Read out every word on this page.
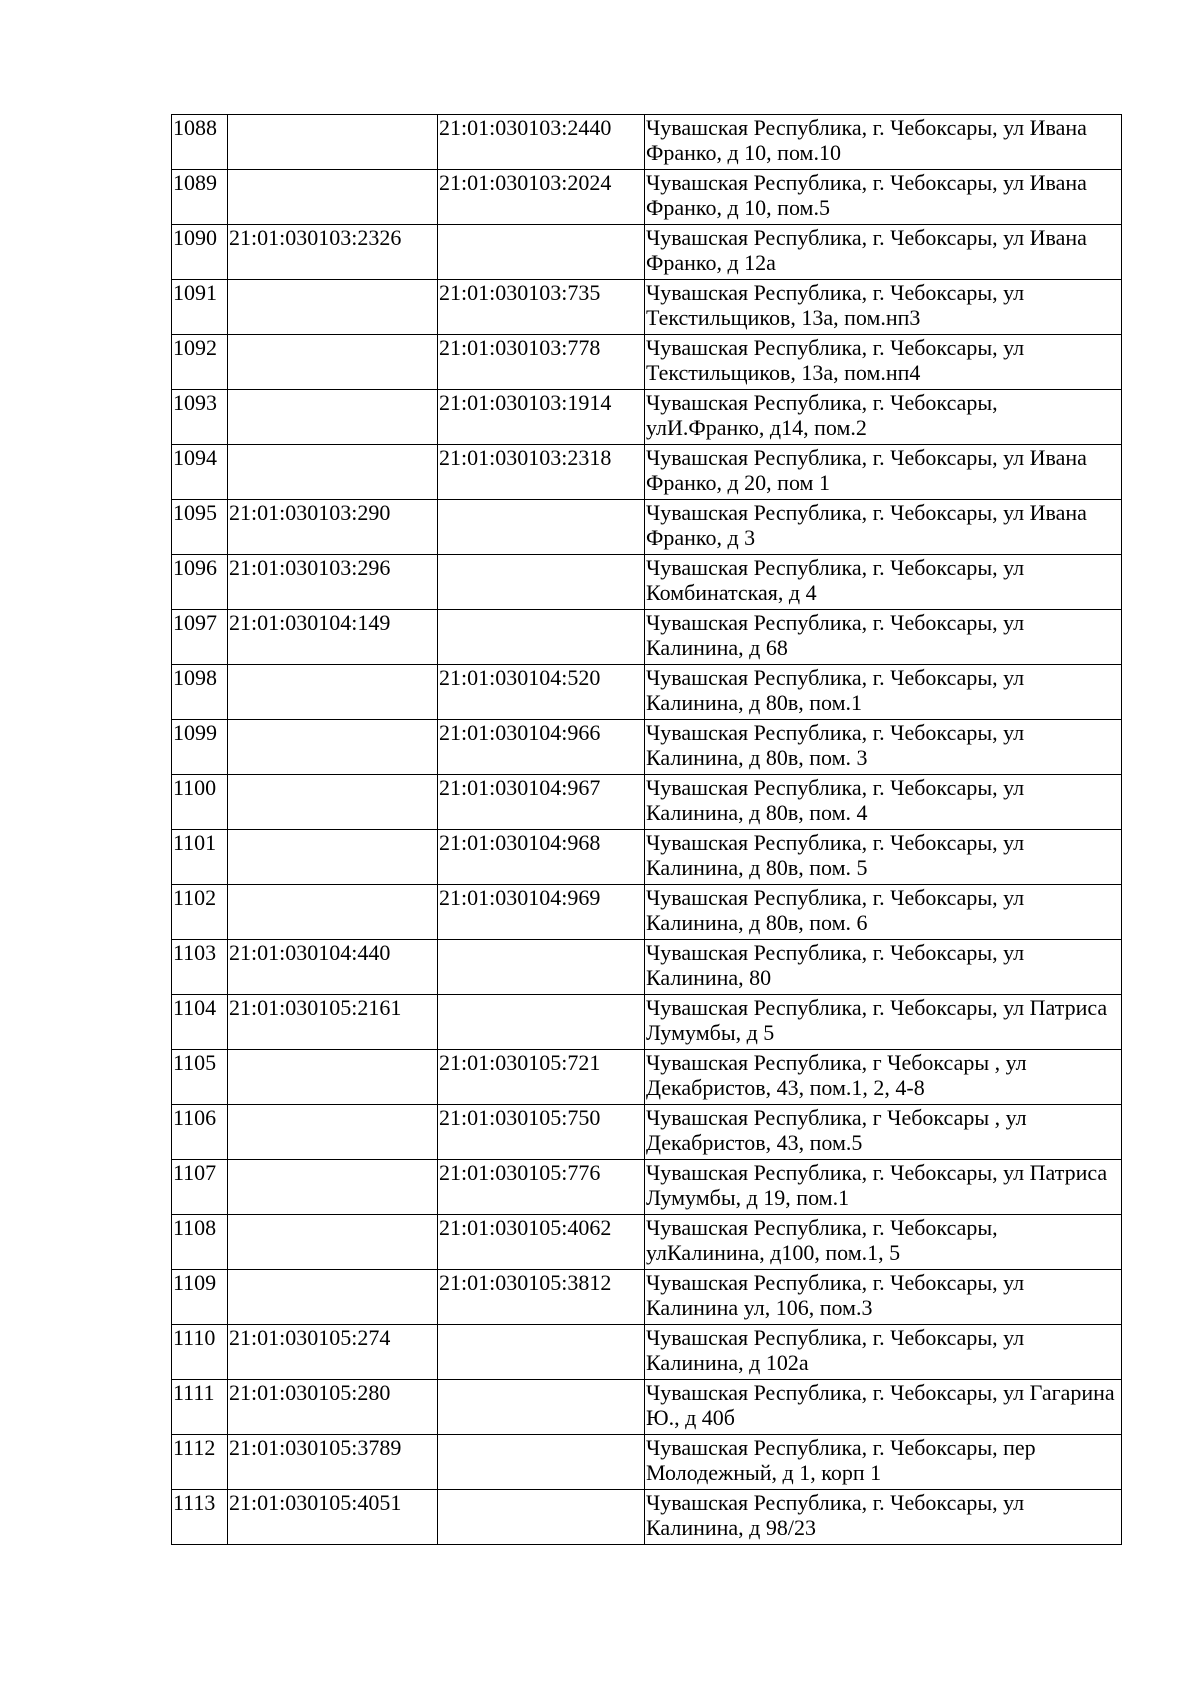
1088		21:01:030103:2440	Чувашская Республика, г. Чебоксары, ул Ивана Франко, д 10, пом.10
1089		21:01:030103:2024	Чувашская Республика, г. Чебоксары, ул Ивана Франко, д 10, пом.5
1090	21:01:030103:2326		Чувашская Республика, г. Чебоксары, ул Ивана Франко, д 12а
1091		21:01:030103:735	Чувашская Республика, г. Чебоксары, ул Текстильщиков, 13а, пом.нп3
1092		21:01:030103:778	Чувашская Республика, г. Чебоксары, ул Текстильщиков, 13а, пом.нп4
1093		21:01:030103:1914	Чувашская Республика, г. Чебоксары, улИ.Франко, д14, пом.2
1094		21:01:030103:2318	Чувашская Республика, г. Чебоксары, ул Ивана Франко, д 20, пом 1
1095	21:01:030103:290		Чувашская Республика, г. Чебоксары, ул Ивана Франко, д 3
1096	21:01:030103:296		Чувашская Республика, г. Чебоксары, ул Комбинатская, д 4
1097	21:01:030104:149		Чувашская Республика, г. Чебоксары, ул Калинина, д 68
1098		21:01:030104:520	Чувашская Республика, г. Чебоксары, ул Калинина, д 80в, пом.1
1099		21:01:030104:966	Чувашская Республика, г. Чебоксары, ул Калинина, д 80в, пом. 3
1100		21:01:030104:967	Чувашская Республика, г. Чебоксары, ул Калинина, д 80в, пом. 4
1101		21:01:030104:968	Чувашская Республика, г. Чебоксары, ул Калинина, д 80в, пом. 5
1102		21:01:030104:969	Чувашская Республика, г. Чебоксары, ул Калинина, д 80в, пом. 6
1103	21:01:030104:440		Чувашская Республика, г. Чебоксары, ул Калинина, 80
1104	21:01:030105:2161		Чувашская Республика, г. Чебоксары, ул Патриса Лумумбы, д 5
1105		21:01:030105:721	Чувашская Республика, г Чебоксары , ул Декабристов, 43, пом.1, 2, 4-8
1106		21:01:030105:750	Чувашская Республика, г Чебоксары , ул Декабристов, 43, пом.5
1107		21:01:030105:776	Чувашская Республика, г. Чебоксары, ул Патриса Лумумбы, д 19, пом.1
1108		21:01:030105:4062	Чувашская Республика, г. Чебоксары, улКалинина, д100, пом.1, 5
1109		21:01:030105:3812	Чувашская Республика, г. Чебоксары, ул Калинина ул, 106, пом.3
1110	21:01:030105:274		Чувашская Республика, г. Чебоксары, ул Калинина, д 102а
1111	21:01:030105:280		Чувашская Республика, г. Чебоксары, ул Гагарина Ю., д 40б
1112	21:01:030105:3789		Чувашская Республика, г. Чебоксары, пер Молодежный, д 1, корп 1
1113	21:01:030105:4051		Чувашская Республика, г. Чебоксары, ул Калинина, д 98/23
